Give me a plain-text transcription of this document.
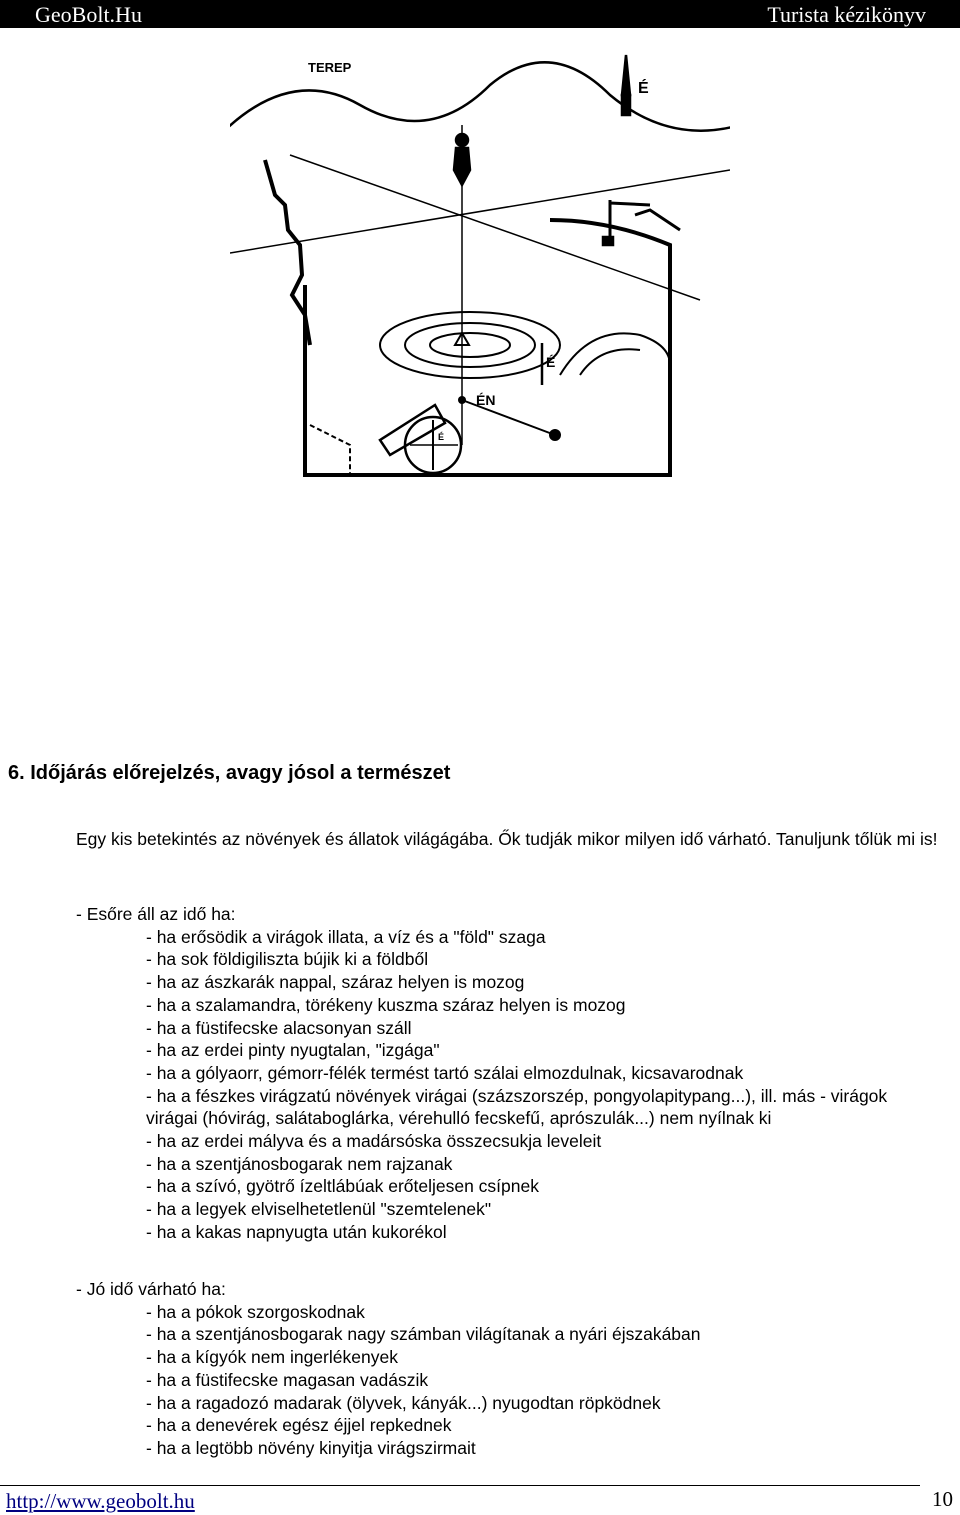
GeoBolt.Hu	Turista kézikönyv
TEREP
É
É
ÉN
É
6. Időjárás előrejelzés, avagy jósol a természet

Egy kis betekintés az növények és állatok világágába. Ők tudják mikor milyen idő várható. Tanuljunk tőlük mi is!

- Esőre áll az idő ha:

- ha erősödik a virágok illata, a víz és a "föld" szaga
- ha sok földigiliszta bújik ki a földből
- ha az ászkarák nappal, száraz helyen is mozog
- ha a szalamandra, törékeny kuszma száraz helyen is mozog
- ha a füstifecske alacsonyan száll
- ha az erdei pinty nyugtalan, "izgága"
- ha a gólyaorr, gémorr-félék termést tartó szálai elmozdulnak, kicsavarodnak
- ha a fészkes virágzatú növények virágai (százszorszép, pongyolapitypang...), ill. más - virágok virágai (hóvirág, salátaboglárka, vérehulló fecskefű, aprószulák...) nem nyílnak ki
- ha az erdei mályva és a madársóska összecsukja leveleit
- ha a szentjánosbogarak nem rajzanak
- ha a szívó, gyötrő ízeltlábúak erőteljesen csípnek
- ha a legyek elviselhetetlenül "szemtelenek"
- ha a kakas napnyugta után kukorékol

- Jó idő várható ha:

- ha a pókok szorgoskodnak
- ha a szentjánosbogarak nagy számban világítanak a nyári éjszakában
- ha a kígyók nem ingerlékenyek
- ha a füstifecske magasan vadászik
- ha a ragadozó madarak (ölyvek, kányák...) nyugodtan röpködnek
- ha a denevérek egész éjjel repkednek
- ha a legtöbb növény kinyitja virágszirmait
http://www.geobolt.hu	10
